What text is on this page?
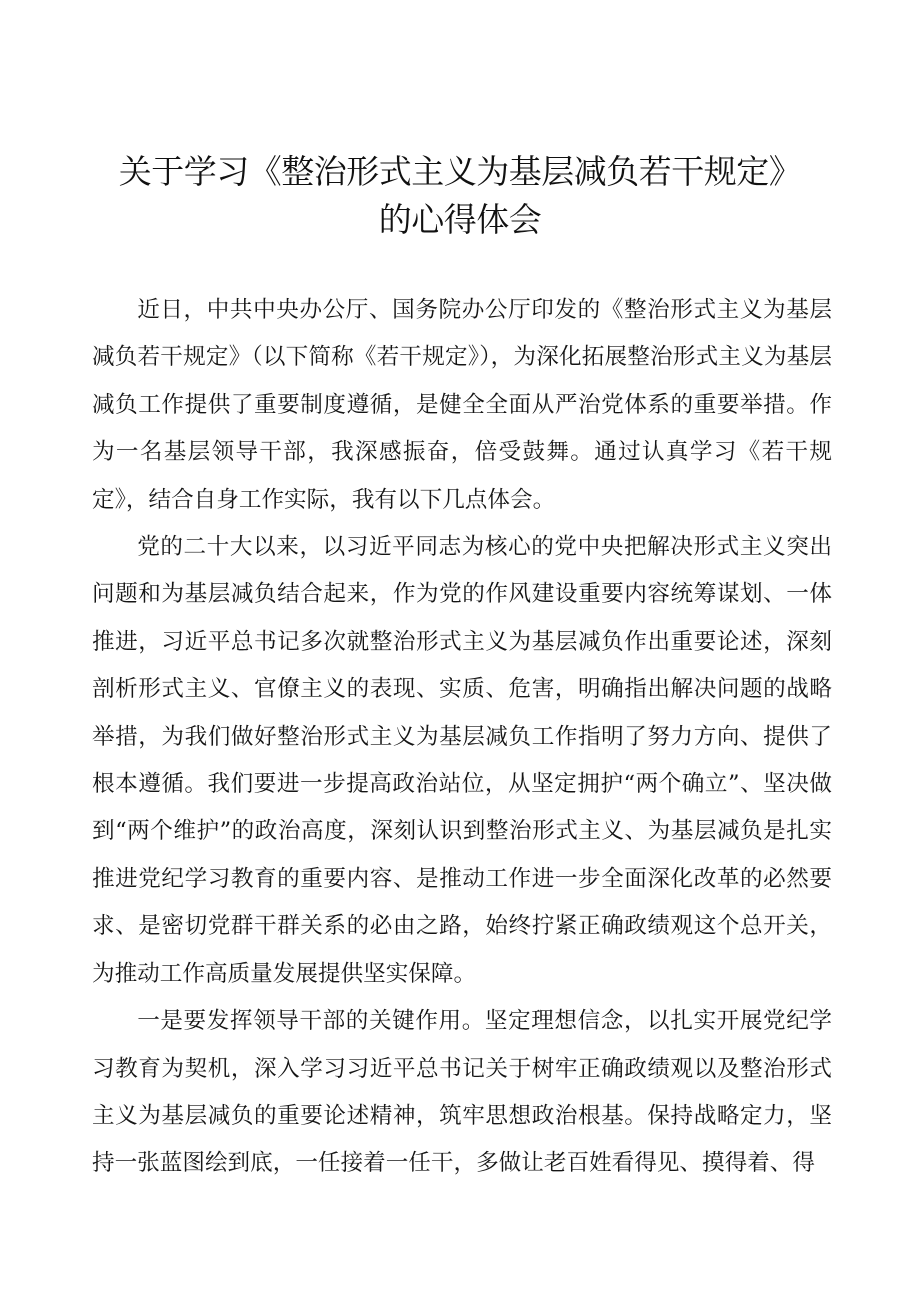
关于学习《整治形式主义为基层减负若干规定》
的心得体会

近日，中共中央办公厅、国务院办公厅印发的《整治形式主义为基层减负若干规定》（以下简称《若干规定》），为深化拓展整治形式主义为基层减负工作提供了重要制度遵循，是健全全面从严治党体系的重要举措。作为一名基层领导干部，我深感振奋，倍受鼓舞。通过认真学习《若干规定》，结合自身工作实际，我有以下几点体会。

党的二十大以来，以习近平同志为核心的党中央把解决形式主义突出问题和为基层减负结合起来，作为党的作风建设重要内容统筹谋划、一体推进，习近平总书记多次就整治形式主义为基层减负作出重要论述，深刻剖析形式主义、官僚主义的表现、实质、危害，明确指出解决问题的战略举措，为我们做好整治形式主义为基层减负工作指明了努力方向、提供了根本遵循。我们要进一步提高政治站位，从坚定拥护“两个确立”、坚决做到“两个维护”的政治高度，深刻认识到整治形式主义、为基层减负是扎实推进党纪学习教育的重要内容、是推动工作进一步全面深化改革的必然要求、是密切党群干群关系的必由之路，始终拧紧正确政绩观这个总开关，为推动工作高质量发展提供坚实保障。

一是要发挥领导干部的关键作用。坚定理想信念，以扎实开展党纪学习教育为契机，深入学习习近平总书记关于树牢正确政绩观以及整治形式主义为基层减负的重要论述精神，筑牢思想政治根基。保持战略定力，坚持一张蓝图绘到底，一任接着一任干，多做让老百姓看得见、摸得着、得
